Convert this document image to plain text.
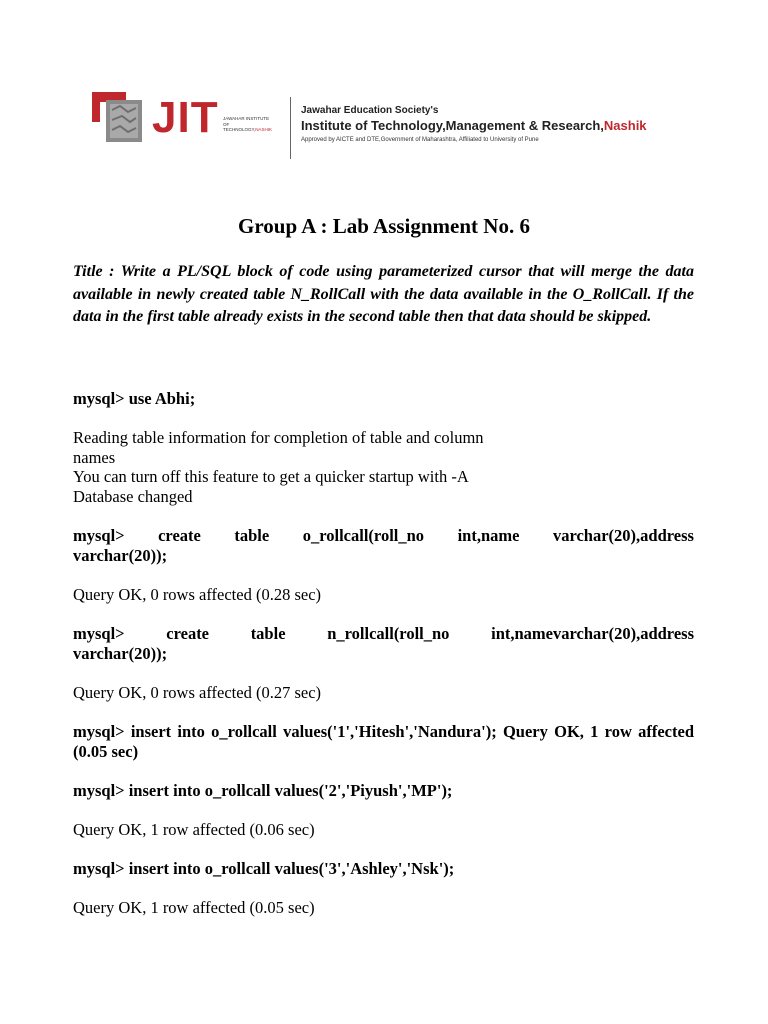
JIT JAWAHAR INSTITUTE
OF TECHNOLOGY,NASHIK
Jawahar Education Society's
Institute of Technology,Management & Research,Nashik
Approved by AICTE and DTE,Government of Maharashtra, Affiliated to University of Pune
Group A : Lab Assignment No. 6

Title : Write a PL/SQL block of code using parameterized cursor that will merge the data available in newly created table N_RollCall with the data available in the O_RollCall. If the data in the first table already exists in the second table then that data should be skipped.

mysql> use Abhi;

Reading table information for completion of table and column
names
You can turn off this feature to get a quicker startup with -A
Database changed
mysql> create table o_rollcall(roll_no int,name varchar(20),address
varchar(20));

Query OK, 0 rows affected (0.28 sec)

mysql>	create	table	n_rollcall(roll_no	int,namevarchar(20),address
varchar(20));

Query OK, 0 rows affected (0.27 sec)

mysql> insert into o_rollcall values('1','Hitesh','Nandura'); Query OK, 1 row affected (0.05 sec)

mysql> insert into o_rollcall values('2','Piyush','MP');

Query OK, 1 row affected (0.06 sec)

mysql> insert into o_rollcall values('3','Ashley','Nsk');

Query OK, 1 row affected (0.05 sec)
